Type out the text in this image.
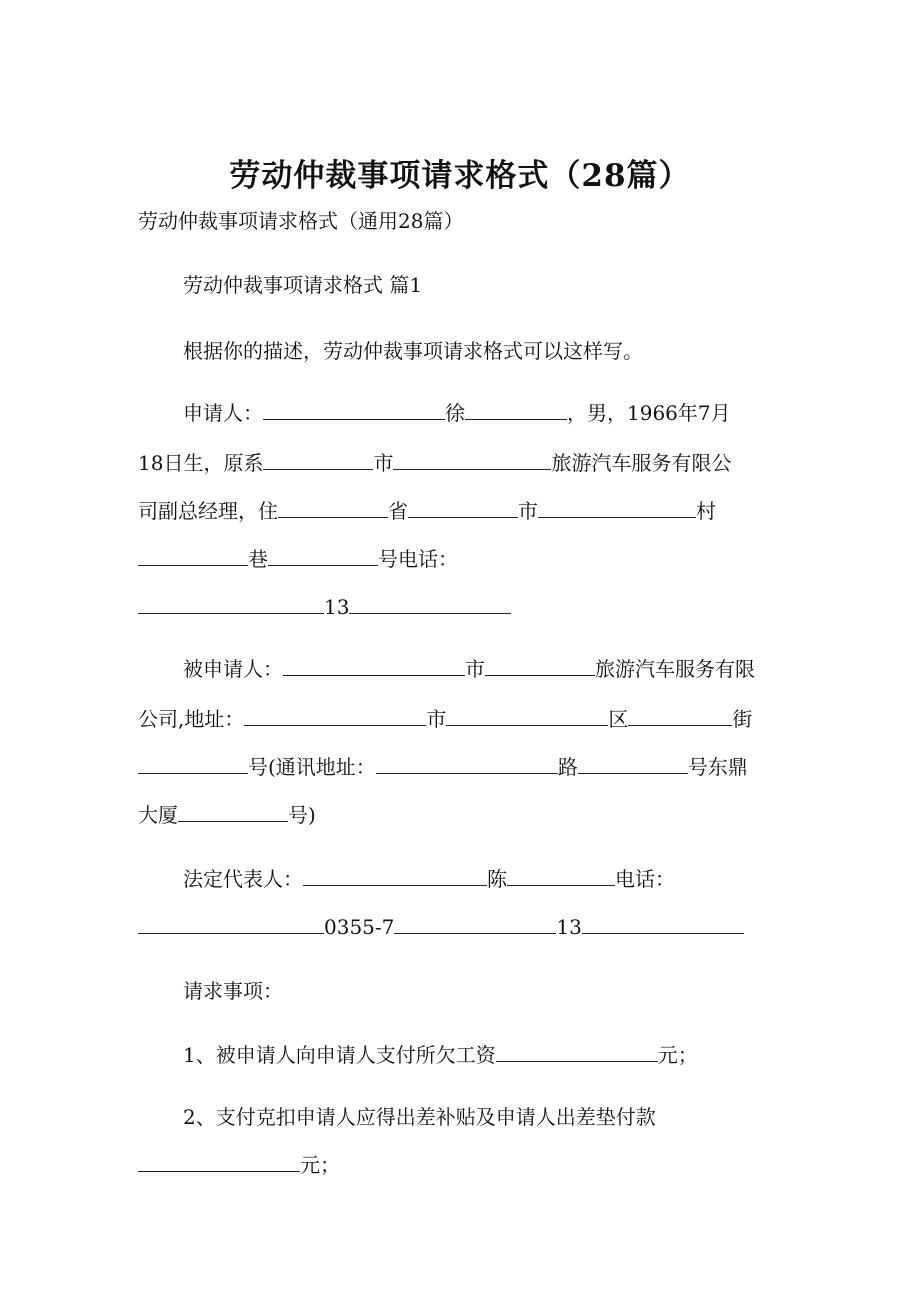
劳动仲裁事项请求格式（28篇）
劳动仲裁事项请求格式（通用28篇）
劳动仲裁事项请求格式 篇1
根据你的描述，劳动仲裁事项请求格式可以这样写。
申请人：	徐	，男，1966年7月
18日生，原系	市	旅游汽车服务有限公
司副总经理，住	省	市	村
巷	号电话：
13
被申请人：	市	旅游汽车服务有限
公司,地址：	市	区	街
号(通讯地址：	路	号东鼎
大厦	号)
法定代表人：	陈	电话：
0355-7	13
请求事项：
1、被申请人向申请人支付所欠工资	元；
2、支付克扣申请人应得出差补贴及申请人出差垫付款
元；
